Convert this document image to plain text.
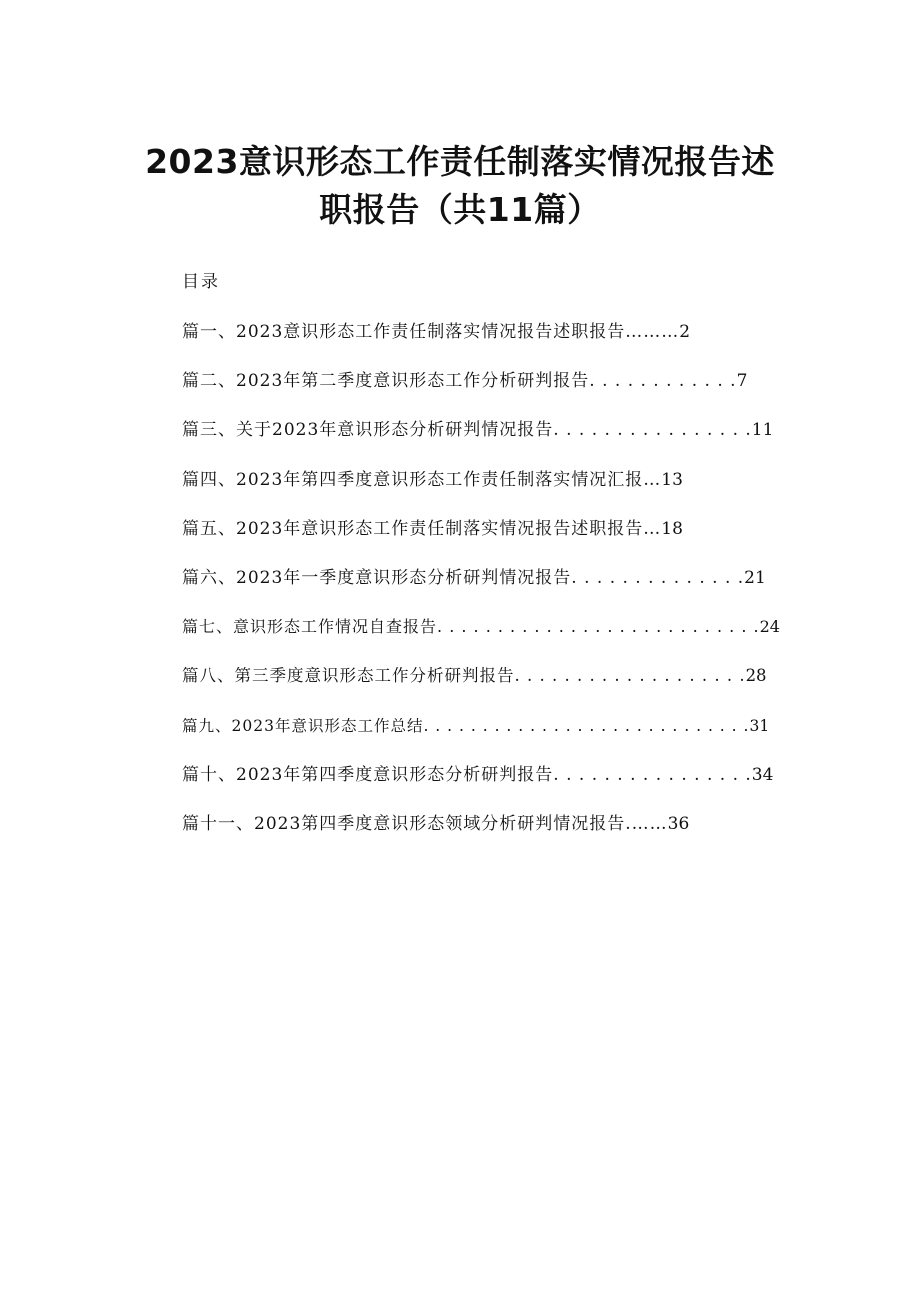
2023意识形态工作责任制落实情况报告述
职报告（共11篇）
目录
篇一、2023意识形态工作责任制落实情况报告述职报告 ……… 2
篇二、2023年第二季度意识形态工作分析研判报告 . . . . . . . . . . . . 7
篇三、关于2023年意识形态分析研判情况报告 . . . . . . . . . . . . . . . . 11
篇四、2023年第四季度意识形态工作责任制落实情况汇报 … 13
篇五、2023年意识形态工作责任制落实情况报告述职报告 … 18
篇六、2023年一季度意识形态分析研判情况报告 . . . . . . . . . . . . . . 21
篇七、意识形态工作情况自查报告 . . . . . . . . . . . . . . . . . . . . . . . . . . . 24
篇八、第三季度意识形态工作分析研判报告 . . . . . . . . . . . . . . . . . . . 28
篇九、2023年意识形态工作总结 . . . . . . . . . . . . . . . . . . . . . . . . . . . . 31
篇十、2023年第四季度意识形态分析研判报告 . . . . . . . . . . . . . . . . 34
篇十一、2023第四季度意识形态领域分析研判情况报告. …… 36
